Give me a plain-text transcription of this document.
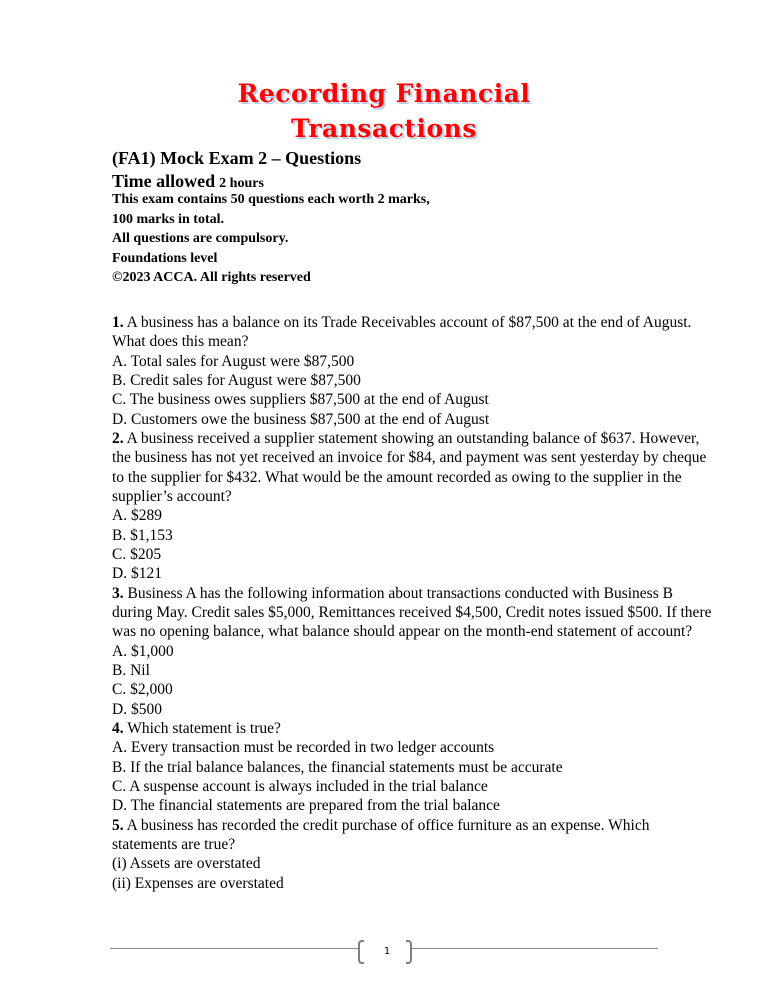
Recording Financial
Transactions
(FA1) Mock Exam 2 – Questions
Time allowed 2 hours
This exam contains 50 questions each worth 2 marks,
100 marks in total.
All questions are compulsory.
Foundations level
©2023 ACCA. All rights reserved
1. A business has a balance on its Trade Receivables account of $87,500 at the end of August.
What does this mean?
A. Total sales for August were $87,500
B. Credit sales for August were $87,500
C. The business owes suppliers $87,500 at the end of August
D. Customers owe the business $87,500 at the end of August
2. A business received a supplier statement showing an outstanding balance of $637. However,
the business has not yet received an invoice for $84, and payment was sent yesterday by cheque
to the supplier for $432. What would be the amount recorded as owing to the supplier in the
supplier’s account?
A. $289
B. $1,153
C. $205
D. $121
3. Business A has the following information about transactions conducted with Business B
during May. Credit sales $5,000, Remittances received $4,500, Credit notes issued $500. If there
was no opening balance, what balance should appear on the month-end statement of account?
A. $1,000
B. Nil
C. $2,000
D. $500
4. Which statement is true?
A. Every transaction must be recorded in two ledger accounts
B. If the trial balance balances, the financial statements must be accurate
C. A suspense account is always included in the trial balance
D. The financial statements are prepared from the trial balance
5. A business has recorded the credit purchase of office furniture as an expense. Which
statements are true?
(i) Assets are overstated
(ii) Expenses are overstated
1
